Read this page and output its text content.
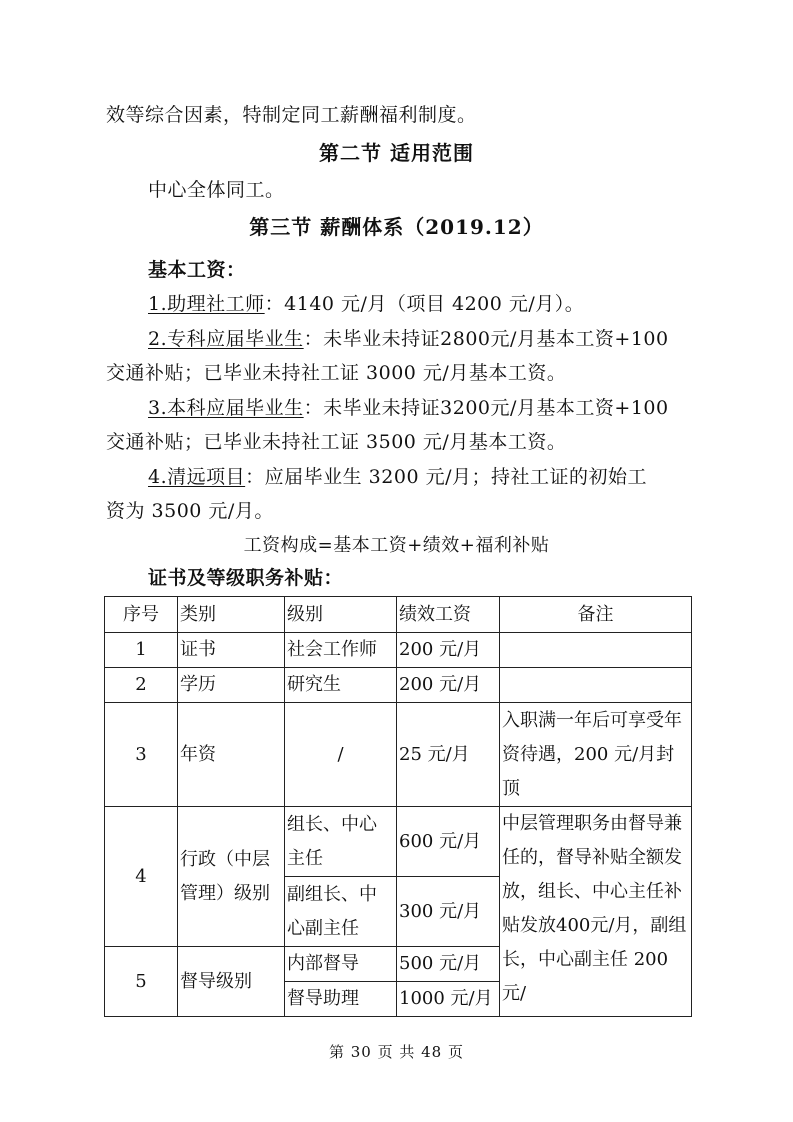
效等综合因素，特制定同工薪酬福利制度。
第二节 适用范围
中心全体同工。
第三节 薪酬体系（2019.12）
基本工资：
1.助理社工师：4140 元/月（项目 4200 元/月）。
2.专科应届毕业生：未毕业未持证2800元/月基本工资+100
交通补贴；已毕业未持社工证 3000 元/月基本工资。
3.本科应届毕业生：未毕业未持证3200元/月基本工资+100
交通补贴；已毕业未持社工证 3500 元/月基本工资。
4.清远项目：应届毕业生 3200 元/月；持社工证的初始工
资为 3500 元/月。
工资构成=基本工资+绩效+福利补贴
证书及等级职务补贴：
序号	类别	级别	绩效工资	备注
1	证书	社会工作师	200 元/月	
2	学历	研究生	200 元/月	
3	年资	/	25 元/月	入职满一年后可享受年资待遇，200 元/月封顶
4	行政（中层管理）级别	组长、中心主任	600 元/月	中层管理职务由督导兼任的，督导补贴全额发放，组长、中心主任补贴发放400元/月，副组长，中心副主任 200 元/
		副组长、中心副主任	300 元/月	
5	督导级别	内部督导	500 元/月	
		督导助理	1000 元/月	
第 30 页 共 48 页
